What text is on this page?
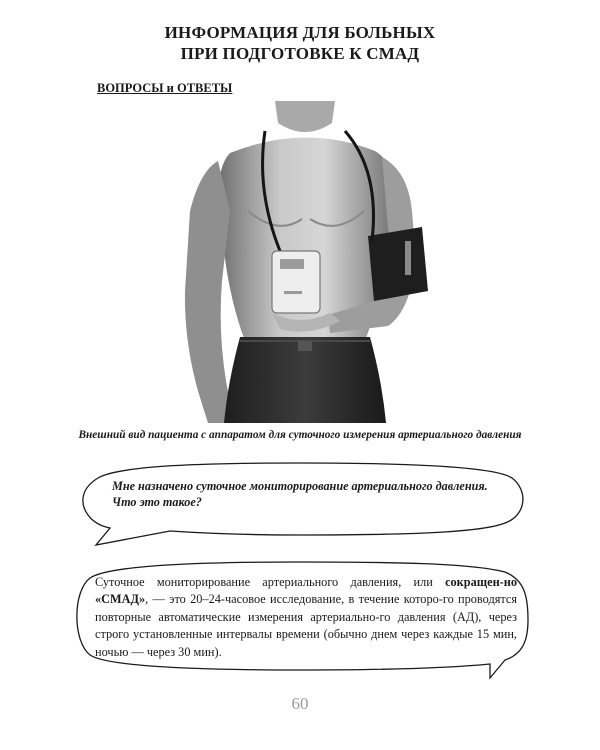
ИНФОРМАЦИЯ ДЛЯ БОЛЬНЫХ
ПРИ ПОДГОТОВКЕ К СМАД
ВОПРОСЫ и ОТВЕТЫ
Внешний вид пациента с аппаратом для суточного измерения артериального давления
Мне назначено суточное мониторирование артериального давления.
Что это такое?
Суточное мониторирование артериального давления, или сокращен-но «СМАД», — это 20–24-часовое исследование, в течение которо-го проводятся повторные автоматические измерения артериально-го давления (АД), через строго установленные интервалы времени (обычно днем через каждые 15 мин, ночью — через 30 мин).
60
